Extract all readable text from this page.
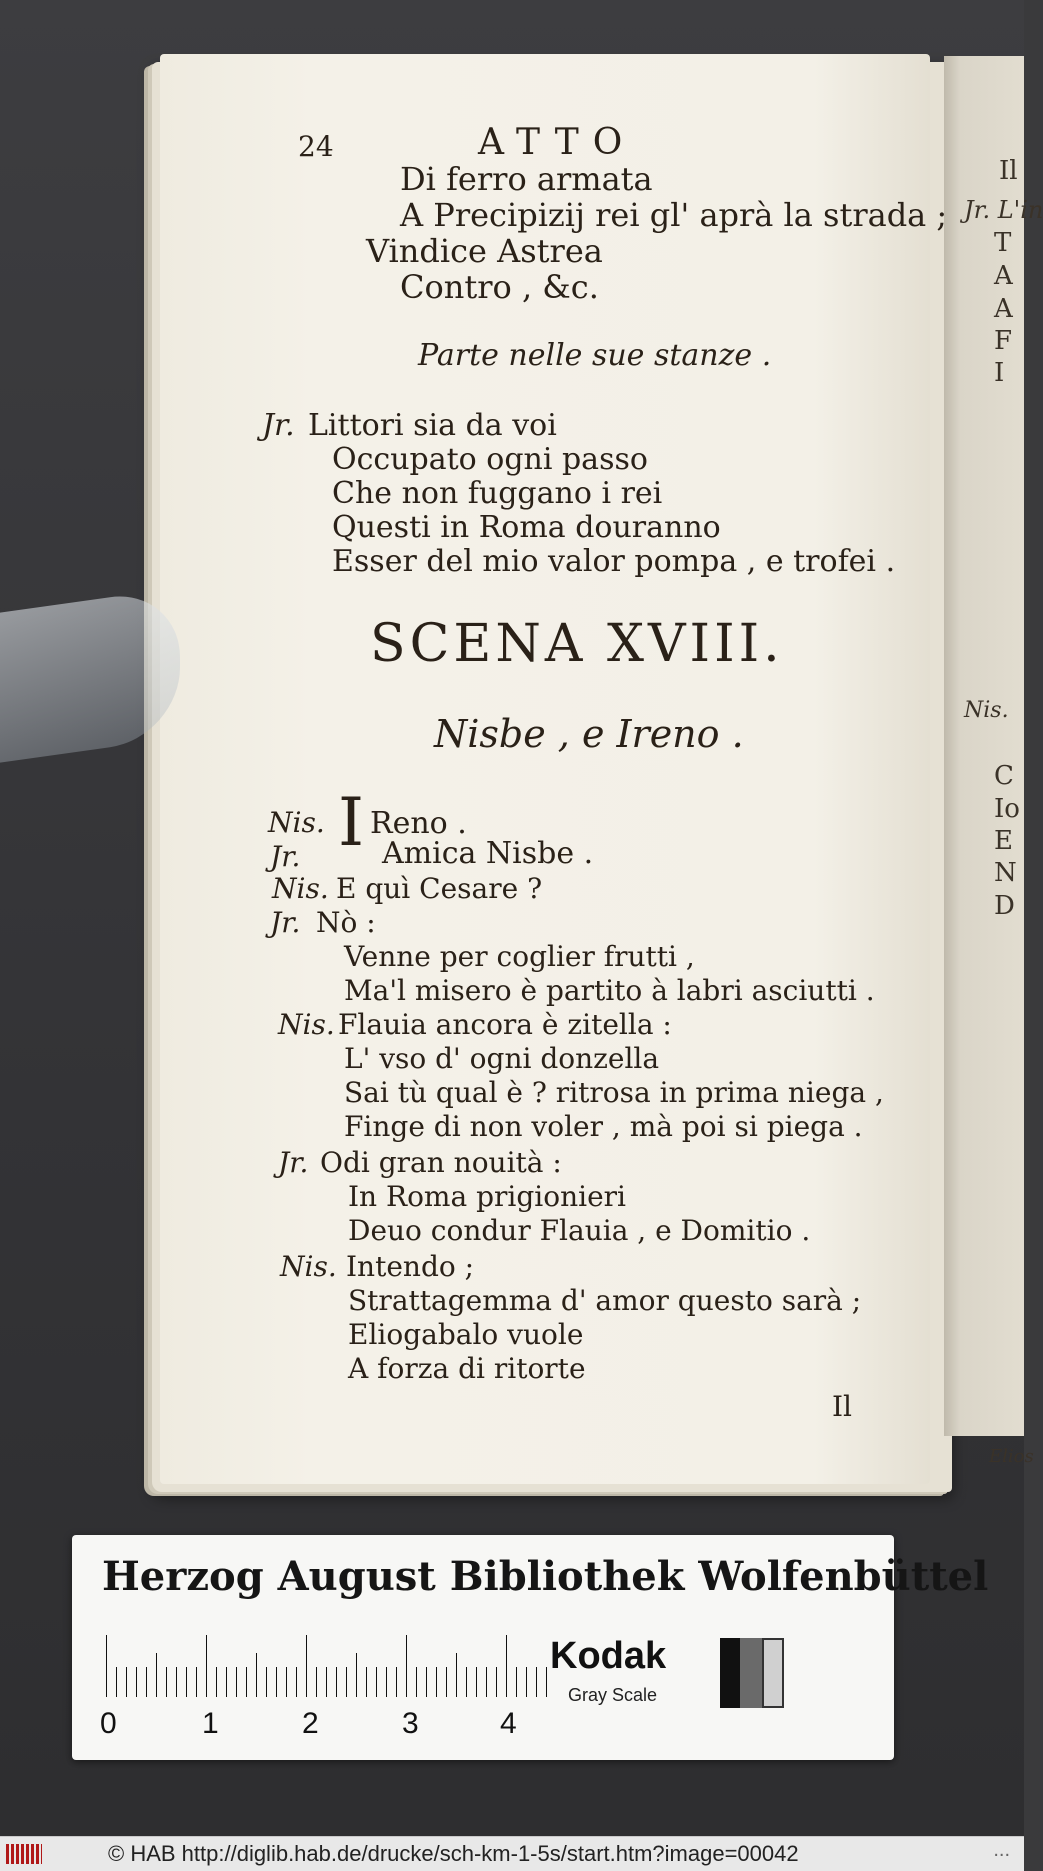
Il
Jr. L'in
T
A
A
F
I
Nis.
C
Io
E
N
D
Elios
24	ATTO
Di ferro armata
A Precipizij rei gl' aprà la strada ;
Vindice Astrea
Contro , &c.
Parte nelle sue stanze .
Jr. Littori sia da voi
Occupato ogni passo
Che non fuggano i rei
Questi in Roma douranno
Esser del mio valor pompa , e trofei .
SCENA XVIII.
Nisbe , e Ireno .
Nis. I Reno .
Jr.	Amica Nisbe .
Nis. E quì Cesare ?
Jr. Nò :
Venne per coglier frutti ,
Ma'l misero è partito à labri asciutti .
Nis. Flauia ancora è zitella :
L' vso d' ogni donzella
Sai tù qual è ? ritrosa in prima niega ,
Finge di non voler , mà poi si piega .
Jr. Odi gran nouità :
In Roma prigionieri
Deuo condur Flauia , e Domitio .
Nis. Intendo ;
Strattagemma d' amor questo sarà ;
Eliogabalo vuole
A forza di ritorte
Il
Herzog August Bibliothek Wolfenbüttel
0	1	2	3	4
Kodak
Gray Scale
© HAB http://diglib.hab.de/drucke/sch-km-1-5s/start.htm?image=00042	...
